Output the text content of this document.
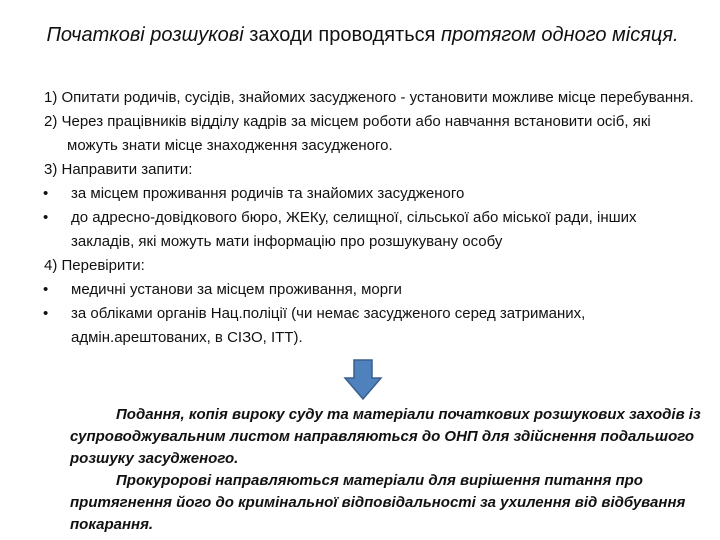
Початкові розшукові заходи проводяться протягом одного місяця.
1) Опитати родичів, сусідів, знайомих засудженого - установити можливе місце перебування.
2) Через працівників відділу кадрів за місцем роботи або навчання встановити осіб, які можуть знати місце знаходження засудженого.
3) Направити запити:
• за місцем проживання родичів та знайомих засудженого
• до адресно-довідкового бюро, ЖЕКу, селищної, сільської або міської ради, інших закладів, які можуть мати інформацію про розшукувану особу
4) Перевірити:
• медичні установи за місцем проживання, морги
• за обліками органів Нац.поліції (чи немає засудженого серед затриманих, адмін.арештованих, в СІЗО, ІТТ).
Подання, копія вироку суду та матеріали початкових розшукових заходів із супроводжувальним листом направляються до ОНП для здійснення подальшого розшуку засудженого.
Прокуророві направляються матеріали для вирішення питання про притягнення його до кримінальної відповідальності за ухилення від відбування покарання.
